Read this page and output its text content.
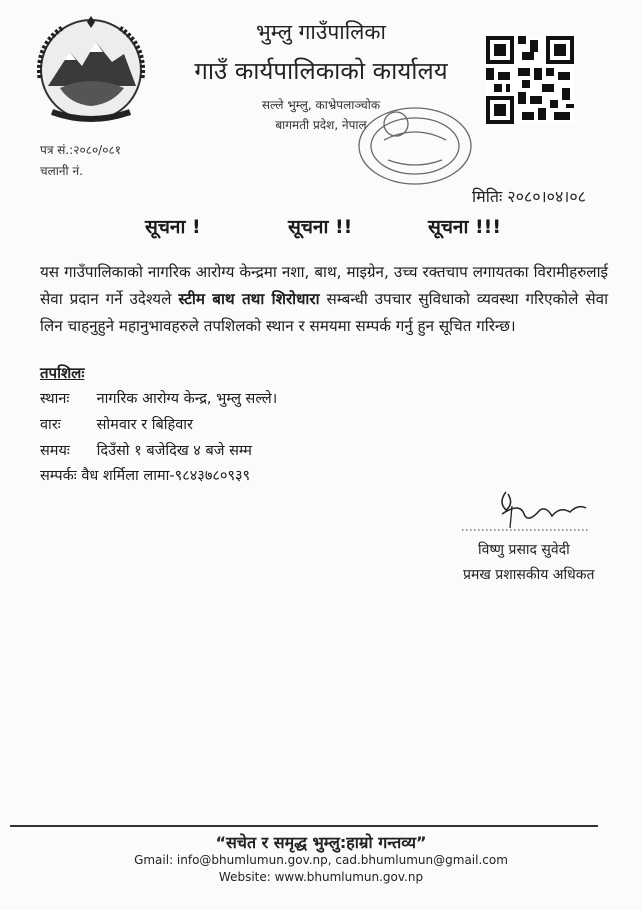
भुम्लु गाउँपालिका
गाउँ कार्यपालिकाको कार्यालय
सल्ले भुम्लु, काभ्रेपलाञ्चोक
बागमती प्रदेश, नेपाल
पत्र सं.:२०८०/०८१
चलानी नं.
मितिः २०८०।०४।०८
सूचना !	सूचना !!	सूचना !!!
यस गाउँपालिकाको नागरिक आरोग्य केन्द्रमा नशा, बाथ, माइग्रेन, उच्च रक्तचाप लगायतका विरामीहरुलाई सेवा प्रदान गर्ने उदेश्यले स्टीम बाथ तथा शिरोधारा सम्बन्धी उपचार सुविधाको व्यवस्था गरिएकोले सेवा लिन चाहनुहुने महानुभावहरुले तपशिलको स्थान र समयमा सम्पर्क गर्नु हुन सूचित गरिन्छ।
तपशिलः
स्थानः नागरिक आरोग्य केन्द्र, भुम्लु सल्ले।
वारः सोमवार र बिहिवार
समयः दिउँसो १ बजेदिख ४ बजे सम्म
सम्पर्कः वैध शर्मिला लामा-९८४३७८०९३९
विष्णु प्रसाद सुवेदी
प्रमख प्रशासकीय अधिकत
“सचेत र समृद्ध भुम्लु:हाम्रो गन्तव्य”
Gmail: info@bhumlumun.gov.np, cad.bhumlumun@gmail.com
Website: www.bhumlumun.gov.np
